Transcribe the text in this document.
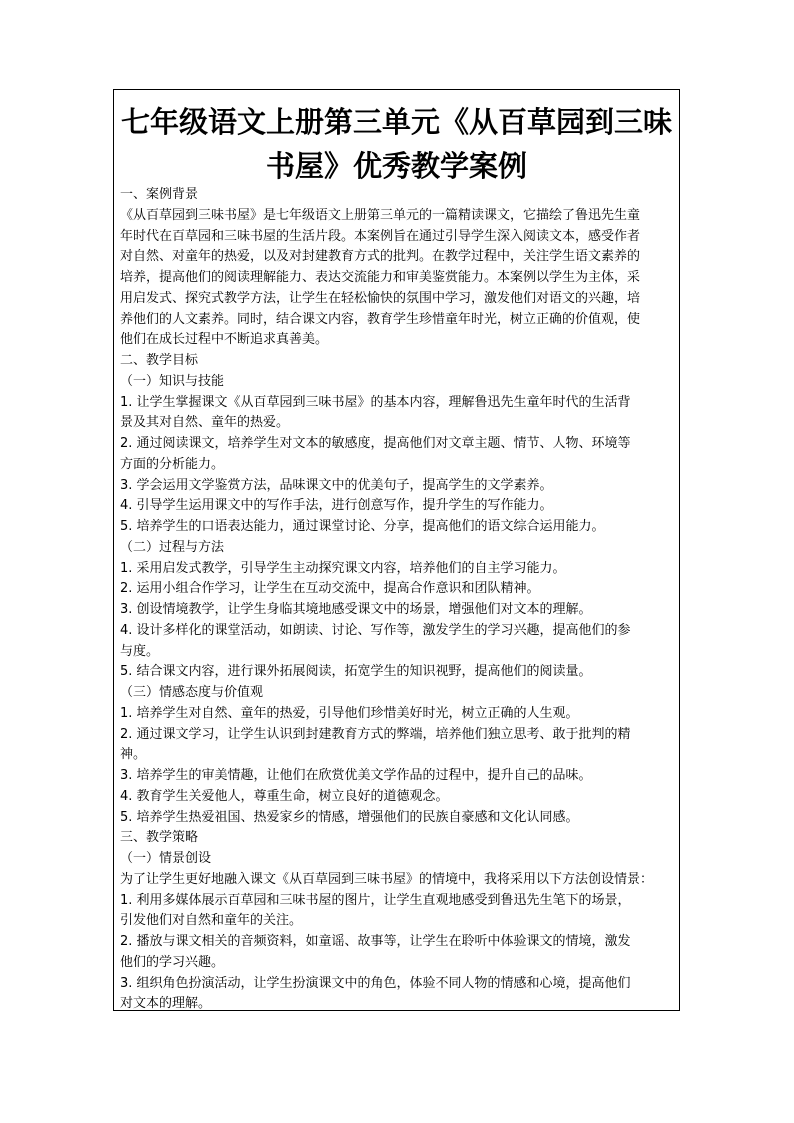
七年级语文上册第三单元《从百草园到三味
书屋》优秀教学案例
一、案例背景
《从百草园到三味书屋》是七年级语文上册第三单元的一篇精读课文，它描绘了鲁迅先生童
年时代在百草园和三味书屋的生活片段。本案例旨在通过引导学生深入阅读文本，感受作者
对自然、对童年的热爱，以及对封建教育方式的批判。在教学过程中，关注学生语文素养的
培养，提高他们的阅读理解能力、表达交流能力和审美鉴赏能力。本案例以学生为主体，采
用启发式、探究式教学方法，让学生在轻松愉快的氛围中学习，激发他们对语文的兴趣，培
养他们的人文素养。同时，结合课文内容，教育学生珍惜童年时光，树立正确的价值观，使
他们在成长过程中不断追求真善美。
二、教学目标
（一）知识与技能
1. 让学生掌握课文《从百草园到三味书屋》的基本内容，理解鲁迅先生童年时代的生活背
景及其对自然、童年的热爱。
2. 通过阅读课文，培养学生对文本的敏感度，提高他们对文章主题、情节、人物、环境等
方面的分析能力。
3. 学会运用文学鉴赏方法，品味课文中的优美句子，提高学生的文学素养。
4. 引导学生运用课文中的写作手法，进行创意写作，提升学生的写作能力。
5. 培养学生的口语表达能力，通过课堂讨论、分享，提高他们的语文综合运用能力。
（二）过程与方法
1. 采用启发式教学，引导学生主动探究课文内容，培养他们的自主学习能力。
2. 运用小组合作学习，让学生在互动交流中，提高合作意识和团队精神。
3. 创设情境教学，让学生身临其境地感受课文中的场景，增强他们对文本的理解。
4. 设计多样化的课堂活动，如朗读、讨论、写作等，激发学生的学习兴趣，提高他们的参
与度。
5. 结合课文内容，进行课外拓展阅读，拓宽学生的知识视野，提高他们的阅读量。
（三）情感态度与价值观
1. 培养学生对自然、童年的热爱，引导他们珍惜美好时光，树立正确的人生观。
2. 通过课文学习，让学生认识到封建教育方式的弊端，培养他们独立思考、敢于批判的精
神。
3. 培养学生的审美情趣，让他们在欣赏优美文学作品的过程中，提升自己的品味。
4. 教育学生关爱他人，尊重生命，树立良好的道德观念。
5. 培养学生热爱祖国、热爱家乡的情感，增强他们的民族自豪感和文化认同感。
三、教学策略
（一）情景创设
为了让学生更好地融入课文《从百草园到三味书屋》的情境中，我将采用以下方法创设情景：
1. 利用多媒体展示百草园和三味书屋的图片，让学生直观地感受到鲁迅先生笔下的场景，
引发他们对自然和童年的关注。
2. 播放与课文相关的音频资料，如童谣、故事等，让学生在聆听中体验课文的情境，激发
他们的学习兴趣。
3. 组织角色扮演活动，让学生扮演课文中的角色，体验不同人物的情感和心境，提高他们
对文本的理解。
